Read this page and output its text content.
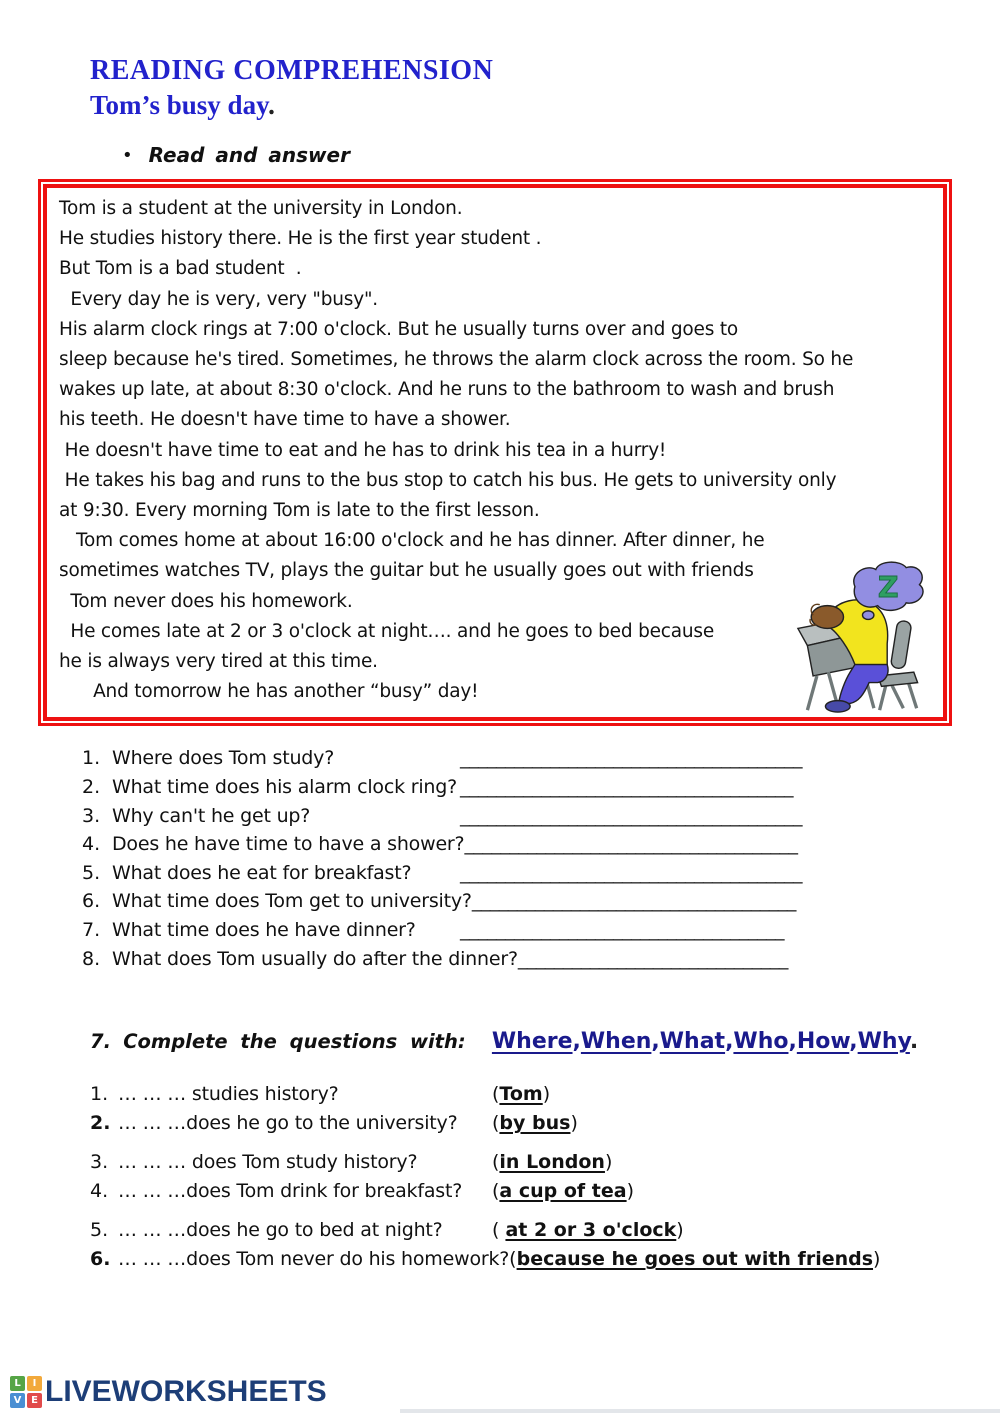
READING COMPREHENSION
Tom’s busy day.
• Read and answer
Tom is a student at the university in London.
He studies history there. He is the first year student .
But Tom is a bad student  .
Every day he is very, very "busy".
His alarm clock rings at 7:00 o'clock. But he usually turns over and goes to
sleep because he's tired. Sometimes, he throws the alarm clock across the room. So he
wakes up late, at about 8:30 o'clock. And he runs to the bathroom to wash and brush
his teeth. He doesn't have time to have a shower.
He doesn't have time to eat and he has to drink his tea in a hurry!
He takes his bag and runs to the bus stop to catch his bus. He gets to university only
at 9:30. Every morning Tom is late to the first lesson.
Tom comes home at about 16:00 o'clock and he has dinner. After dinner, he
sometimes watches TV, plays the guitar but he usually goes out with friends
Tom never does his homework.
He comes late at 2 or 3 o'clock at night…. and he goes to bed because
he is always very tired at this time.
And tomorrow he has another “busy” day!
Z
1. Where does Tom study?	______________________________________
2. What time does his alarm clock ring? _____________________________________
3. Why can't he get up?	______________________________________
4. Does he have time to have a shower? _____________________________________
5. What does he eat for breakfast?	______________________________________
6. What time does Tom get to university? ____________________________________
7. What time does he have dinner?	____________________________________
8. What does Tom usually do after the dinner? ______________________________
7. Complete the questions with: Where,When,What,Who,How,Why.
1. … … … studies history?	(Tom)
2. … … …does he go to the university?	(by bus)
3. … … … does Tom study history?	(in London)
4. … … …does Tom drink for breakfast?	(a cup of tea)
5. … … …does he go to bed at night?	( at 2 or 3 o'clock)
6. … … …does Tom never do his homework? (because he goes out with friends)
L	I
V E LIVEWORKSHEETS
